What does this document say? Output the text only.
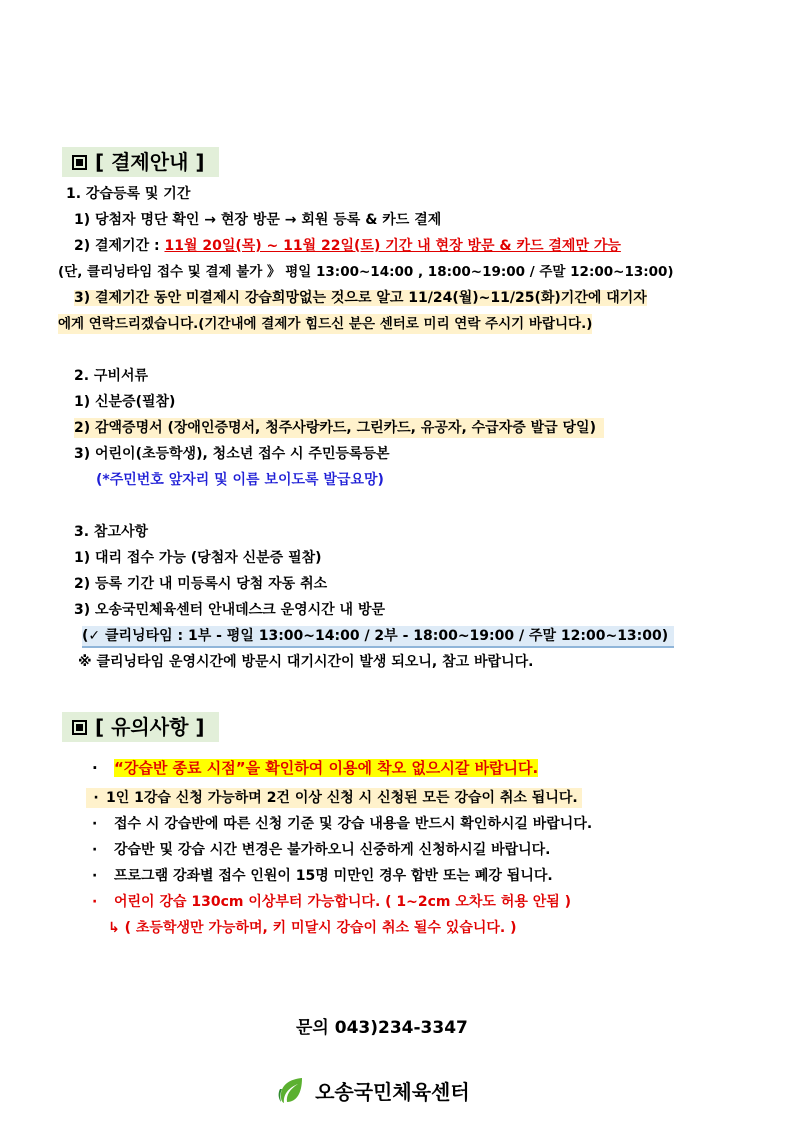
[ 결제안내 ]
1. 강습등록 및 기간
1) 당첨자 명단 확인 → 현장 방문 → 회원 등록 & 카드 결제
2) 결제기간 : 11월 20일(목) ~ 11월 22일(토) 기간 내 현장 방문 & 카드 결제만 가능
(단, 클리닝타임 접수 및 결제 불가 》 평일 13:00~14:00 , 18:00~19:00 / 주말 12:00~13:00)
3) 결제기간 동안 미결제시 강습희망없는 것으로 알고 11/24(월)~11/25(화)기간에 대기자
에게 연락드리겠습니다.(기간내에 결제가 힘드신 분은 센터로 미리 연락 주시기 바랍니다.)
2. 구비서류
1) 신분증(필참)
2) 감액증명서 (장애인증명서, 청주사랑카드, 그린카드, 유공자, 수급자증 발급 당일)
3) 어린이(초등학생), 청소년 접수 시 주민등록등본
(*주민번호 앞자리 및 이름 보이도록 발급요망)
3. 참고사항
1) 대리 접수 가능 (당첨자 신분증 필참)
2) 등록 기간 내 미등록시 당첨 자동 취소
3) 오송국민체육센터 안내데스크 운영시간 내 방문
(✓ 클리닝타임 : 1부 - 평일 13:00~14:00 / 2부 - 18:00~19:00 / 주말 12:00~13:00)
※ 클리닝타임 운영시간에 방문시 대기시간이 발생 되오니, 참고 바랍니다.
[ 유의사항 ]
· “강습반 종료 시점”을 확인하여 이용에 착오 없으시갈 바랍니다.
· 1인 1강습 신청 가능하며 2건 이상 신청 시 신청된 모든 강습이 취소 됩니다.
· 접수 시 강습반에 따른 신청 기준 및 강습 내용을 반드시 확인하시길 바랍니다.
· 강습반 및 강습 시간 변경은 불가하오니 신중하게 신청하시길 바랍니다.
· 프로그램 강좌별 접수 인원이 15명 미만인 경우 합반 또는 폐강 됩니다.
· 어린이 강습 130cm 이상부터 가능합니다. ( 1~2cm 오차도 허용 안됨 )
↳ ( 초등학생만 가능하며, 키 미달시 강습이 취소 될수 있습니다. )
문의 043)234-3347
오송국민체육센터
